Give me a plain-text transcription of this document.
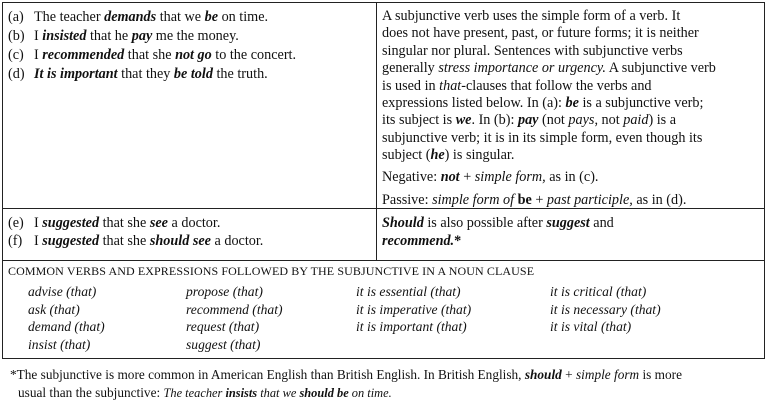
(a) The teacher demands that we be on time.
(b) I insisted that he pay me the money.
(c) I recommended that she not go to the concert.
(d) It is important that they be told the truth.

A subjunctive verb uses the simple form of a verb. It
does not have present, past, or future forms; it is neither
singular nor plural. Sentences with subjunctive verbs
generally stress importance or urgency. A subjunctive verb
is used in that-clauses that follow the verbs and
expressions listed below. In (a): be is a subjunctive verb;
its subject is we. In (b): pay (not pays, not paid) is a
subjunctive verb; it is in its simple form, even though its
subject (he) is singular.

Negative: not + simple form, as in (c).

Passive: simple form of be + past participle, as in (d).

(e) I suggested that she see a doctor.
(f) I suggested that she should see a doctor.
Should is also possible after suggest and
recommend.*
COMMON VERBS AND EXPRESSIONS FOLLOWED BY THE SUBJUNCTIVE IN A NOUN CLAUSE
advise (that)
ask (that)
demand (that)
insist (that)
propose (that)
recommend (that)
request (that)
suggest (that)
it is essential (that)
it is imperative (that)
it is important (that)
it is critical (that)
it is necessary (that)
it is vital (that)
*The subjunctive is more common in American English than British English. In British English, should + simple form is more
usual than the subjunctive: The teacher insists that we should be on time.
